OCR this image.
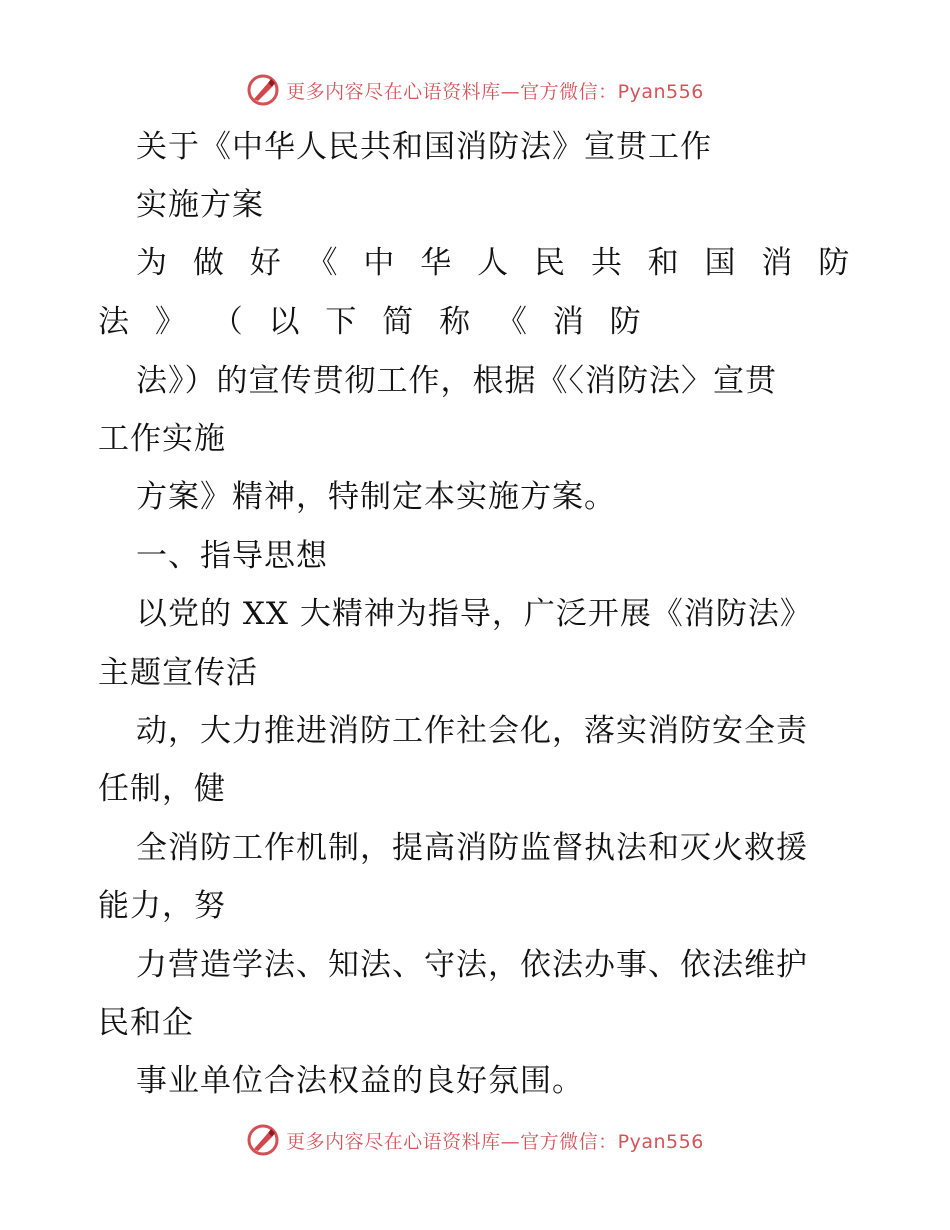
更多内容尽在心语资料库—官方微信：Pyan556
关于《中华人民共和国消防法》宣贯工作
实施方案
为 做 好 《 中 华 人 民 共 和 国 消 防
法 》 （ 以 下 简 称 《 消 防
法》）的宣传贯彻工作，根据《〈消防法〉宣贯
工作实施
方案》精神，特制定本实施方案。
一、指导思想
以党的 XX 大精神为指导，广泛开展《消防法》
主题宣传活
动，大力推进消防工作社会化，落实消防安全责
任制，健
全消防工作机制，提高消防监督执法和灭火救援
能力，努
力营造学法、知法、守法，依法办事、依法维护
民和企
事业单位合法权益的良好氛围。
更多内容尽在心语资料库—官方微信：Pyan556
